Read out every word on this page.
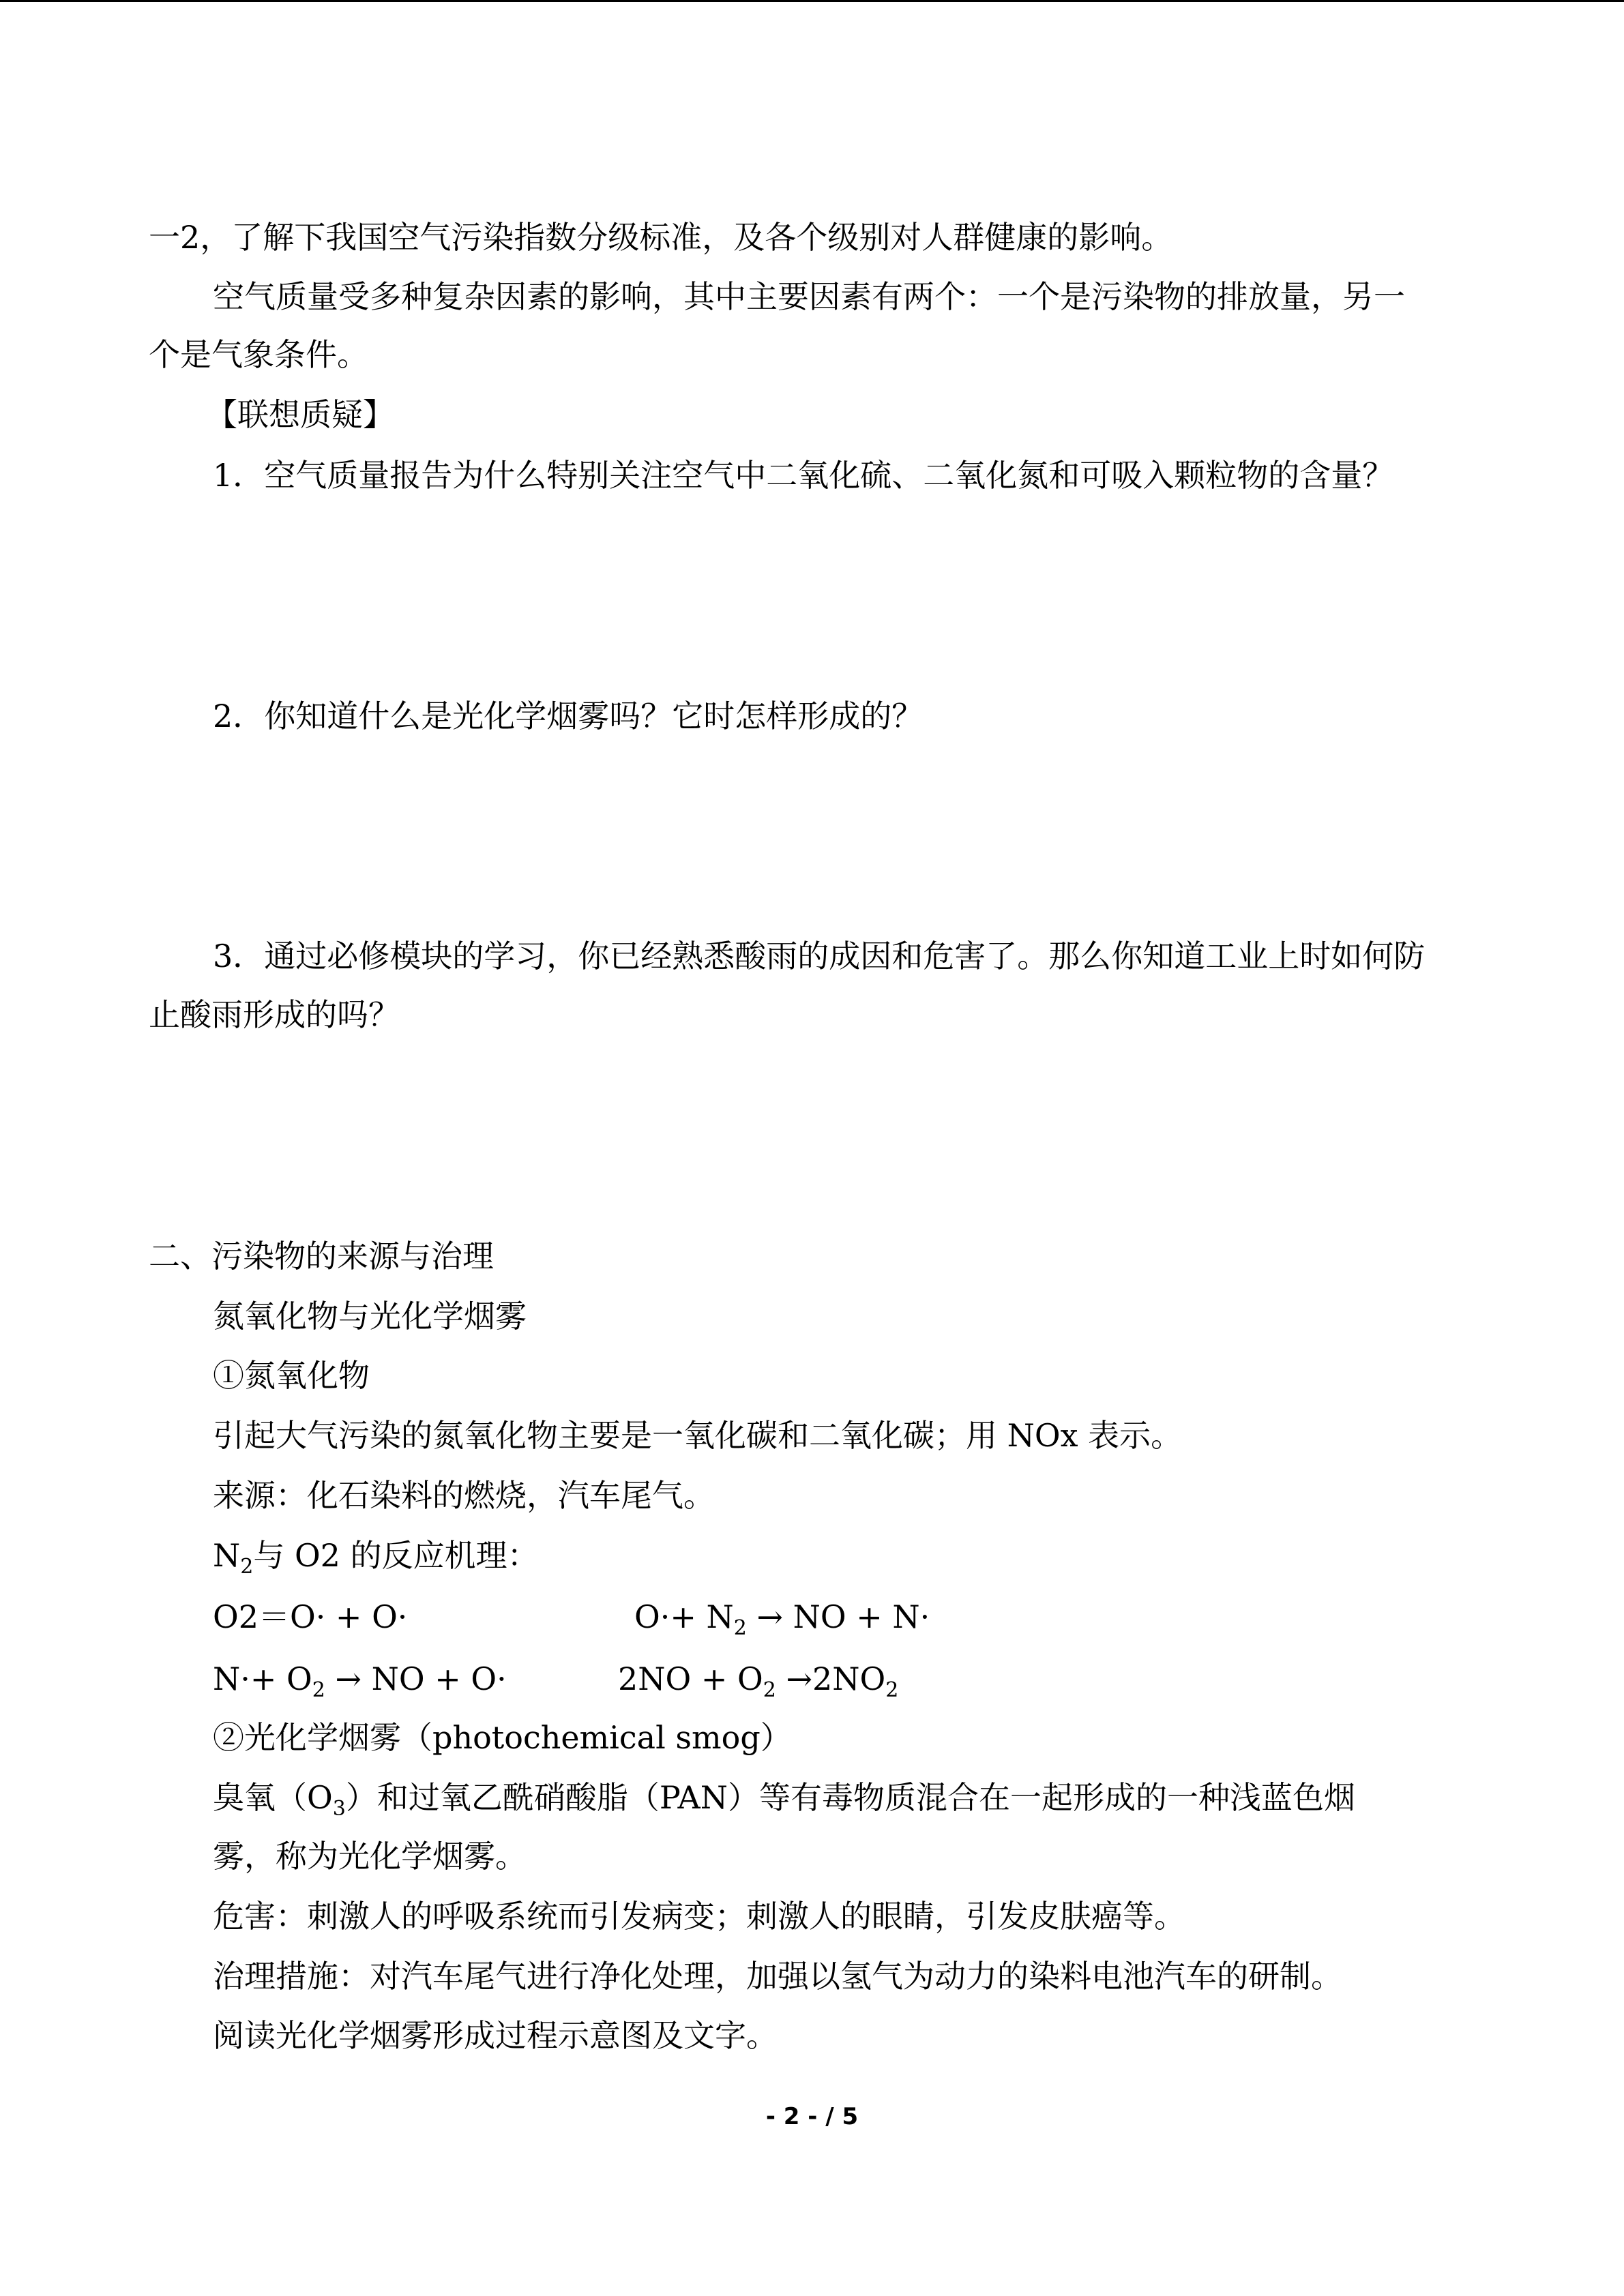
一2，了解下我国空气污染指数分级标准，及各个级别对人群健康的影响。
空气质量受多种复杂因素的影响，其中主要因素有两个：一个是污染物的排放量，另一
个是气象条件。
【联想质疑】
1．空气质量报告为什么特别关注空气中二氧化硫、二氧化氮和可吸入颗粒物的含量？
2．你知道什么是光化学烟雾吗？它时怎样形成的？
3．通过必修模块的学习，你已经熟悉酸雨的成因和危害了。那么你知道工业上时如何防
止酸雨形成的吗？
二、污染物的来源与治理
氮氧化物与光化学烟雾
①氮氧化物
引起大气污染的氮氧化物主要是一氧化碳和二氧化碳；用 NOx 表示。
来源：化石染料的燃烧，汽车尾气。
$N_2$与 O2 的反应机理：
O2＝O· + O·	$O\cdot+ N_2$ → NO + N·
$N\cdot+ O_2$ → NO + O·	$2NO + O_2 \to 2NO_2$
②光化学烟雾（photochemical smog）
臭氧$(O_3)$和过氧乙酰硝酸脂（PAN）等有毒物质混合在一起形成的一种浅蓝色烟
雾，称为光化学烟雾。
危害：刺激人的呼吸系统而引发病变；刺激人的眼睛，引发皮肤癌等。
治理措施：对汽车尾气进行净化处理，加强以氢气为动力的染料电池汽车的研制。
阅读光化学烟雾形成过程示意图及文字。
- 2 - / 5
